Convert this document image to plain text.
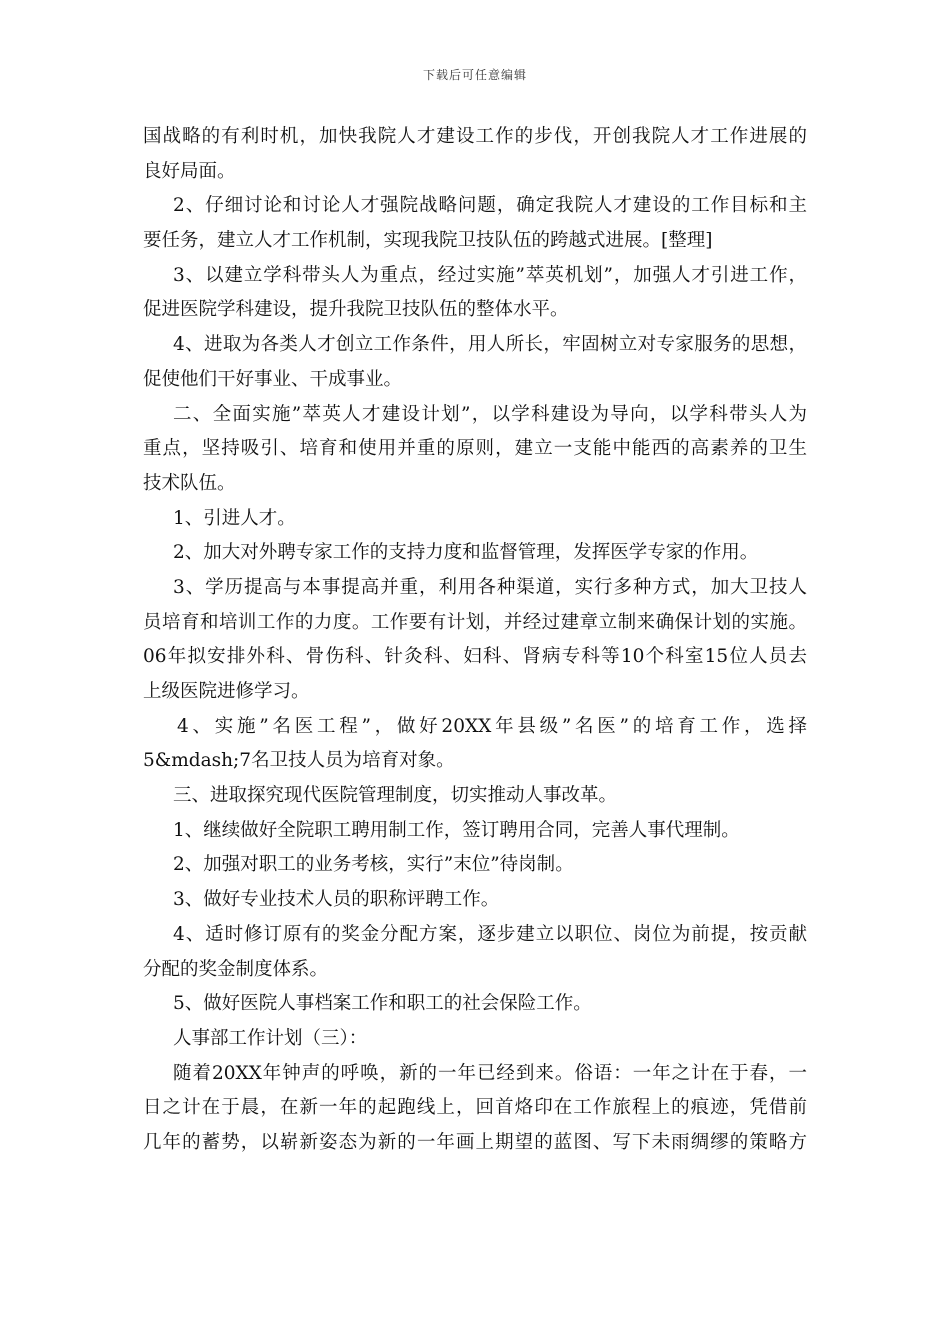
下载后可任意编辑
国战略的有利时机，加快我院人才建设工作的步伐，开创我院人才工作进展的
良好局面。
2、仔细讨论和讨论人才强院战略问题，确定我院人才建设的工作目标和主
要任务，建立人才工作机制，实现我院卫技队伍的跨越式进展。[整理]
3、以建立学科带头人为重点，经过实施”萃英机划”，加强人才引进工作，
促进医院学科建设，提升我院卫技队伍的整体水平。
4、进取为各类人才创立工作条件，用人所长，牢固树立对专家服务的思想，
促使他们干好事业、干成事业。
二、全面实施”萃英人才建设计划”，以学科建设为导向，以学科带头人为
重点，坚持吸引、培育和使用并重的原则，建立一支能中能西的高素养的卫生
技术队伍。
1、引进人才。
2、加大对外聘专家工作的支持力度和监督管理，发挥医学专家的作用。
3、学历提高与本事提高并重，利用各种渠道，实行多种方式，加大卫技人
员培育和培训工作的力度。工作要有计划，并经过建章立制来确保计划的实施。
06年拟安排外科、骨伤科、针灸科、妇科、肾病专科等10个科室15位人员去
上级医院进修学习。
4、实施”名医工程”，做好20XX年县级”名医”的培育工作，选择
5&mdash;7名卫技人员为培育对象。
三、进取探究现代医院管理制度，切实推动人事改革。
1、继续做好全院职工聘用制工作，签订聘用合同，完善人事代理制。
2、加强对职工的业务考核，实行”末位”待岗制。
3、做好专业技术人员的职称评聘工作。
4、适时修订原有的奖金分配方案，逐步建立以职位、岗位为前提，按贡献
分配的奖金制度体系。
5、做好医院人事档案工作和职工的社会保险工作。
人事部工作计划（三）：
随着20XX年钟声的呼唤，新的一年已经到来。俗语：一年之计在于春，一
日之计在于晨，在新一年的起跑线上，回首烙印在工作旅程上的痕迹，凭借前
几年的蓄势，以崭新姿态为新的一年画上期望的蓝图、写下未雨绸缪的策略方
